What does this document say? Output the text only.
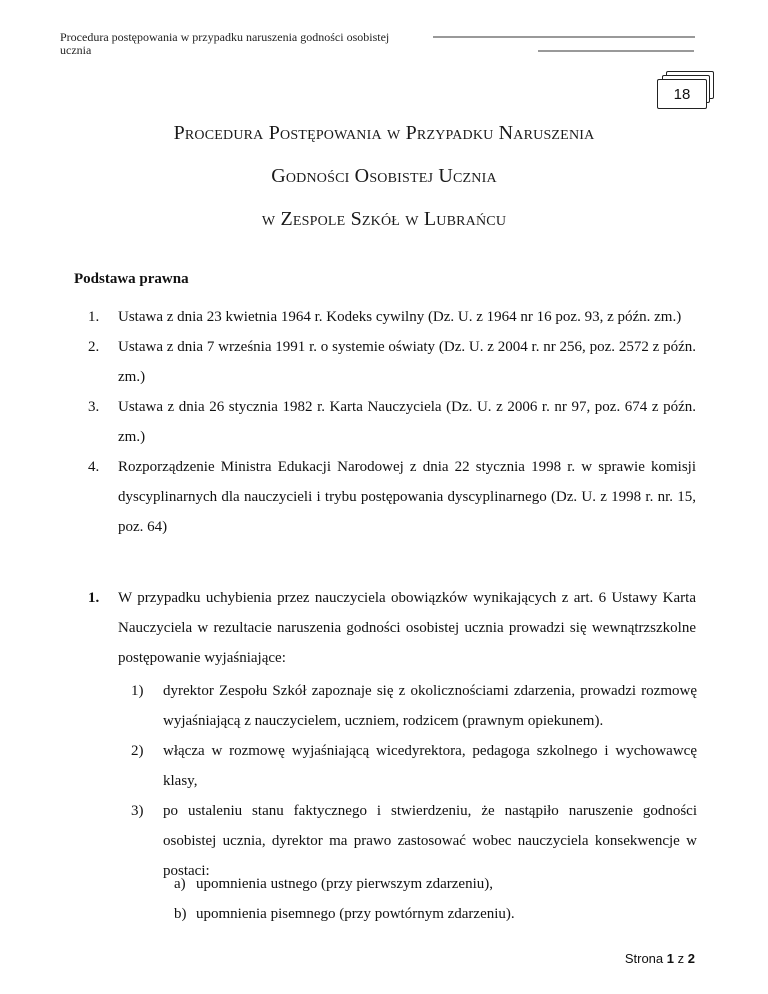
Procedura postępowania w przypadku naruszenia godności osobistej ucznia
18
Procedura Postępowania w Przypadku Naruszenia
Godności Osobistej Ucznia
w Zespole Szkół w Lubrańcu
Podstawa prawna
1.	Ustawa z dnia 23 kwietnia 1964 r. Kodeks cywilny (Dz. U. z 1964 nr 16 poz. 93, z późn. zm.)
2.	Ustawa z dnia 7 września 1991 r. o systemie oświaty (Dz. U. z 2004 r. nr 256, poz. 2572 z późn. zm.)
3.	Ustawa z dnia 26 stycznia 1982 r. Karta Nauczyciela (Dz. U. z 2006 r. nr 97, poz. 674 z późn. zm.)
4.	Rozporządzenie Ministra Edukacji Narodowej z dnia 22 stycznia 1998 r. w sprawie komisji dyscyplinarnych dla nauczycieli i trybu postępowania dyscyplinarnego (Dz. U. z 1998 r. nr. 15, poz. 64)
1.	W przypadku uchybienia przez nauczyciela obowiązków wynikających z art. 6 Ustawy Karta Nauczyciela w rezultacie naruszenia godności osobistej ucznia prowadzi się wewnątrzszkolne postępowanie wyjaśniające:
1)	dyrektor Zespołu Szkół zapoznaje się z okolicznościami zdarzenia, prowadzi rozmowę wyjaśniającą z nauczycielem, uczniem, rodzicem (prawnym opiekunem).
2)	włącza w rozmowę wyjaśniającą wicedyrektora, pedagoga szkolnego i wychowawcę klasy,
3)	po ustaleniu stanu faktycznego i stwierdzeniu, że nastąpiło naruszenie godności osobistej ucznia, dyrektor ma prawo zastosować wobec nauczyciela konsekwencje w postaci:
a) upomnienia ustnego (przy pierwszym zdarzeniu),
b) upomnienia pisemnego (przy powtórnym zdarzeniu).
Strona 1 z 2
